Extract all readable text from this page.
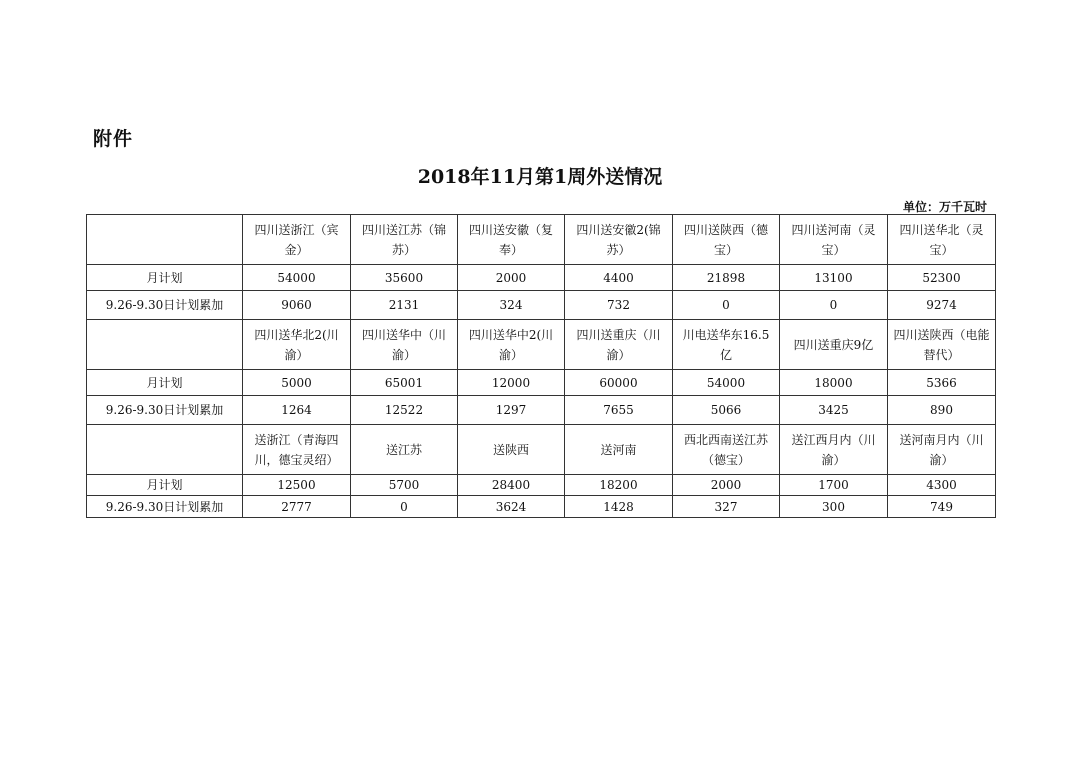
附件
2018年11月第1周外送情况
单位：万千瓦时
	四川送浙江（宾金）	四川送江苏（锦苏）	四川送安徽（复奉）	四川送安徽2(锦苏）	四川送陕西（德宝）	四川送河南（灵宝）	四川送华北（灵宝）
月计划	54000	35600	2000	4400	21898	13100	52300
9.26-9.30日计划累加	9060	2131	324	732	0	0	9274
	四川送华北2(川渝）	四川送华中（川渝）	四川送华中2(川渝）	四川送重庆（川渝）	川电送华东16.5亿	四川送重庆9亿	四川送陕西（电能替代）
月计划	5000	65001	12000	60000	54000	18000	5366
9.26-9.30日计划累加	1264	12522	1297	7655	5066	3425	890
	送浙江（青海四川，德宝灵绍）	送江苏	送陕西	送河南	西北西南送江苏（德宝）	送江西月内（川渝）	送河南月内（川渝）
月计划	12500	5700	28400	18200	2000	1700	4300
9.26-9.30日计划累加	2777	0	3624	1428	327	300	749
